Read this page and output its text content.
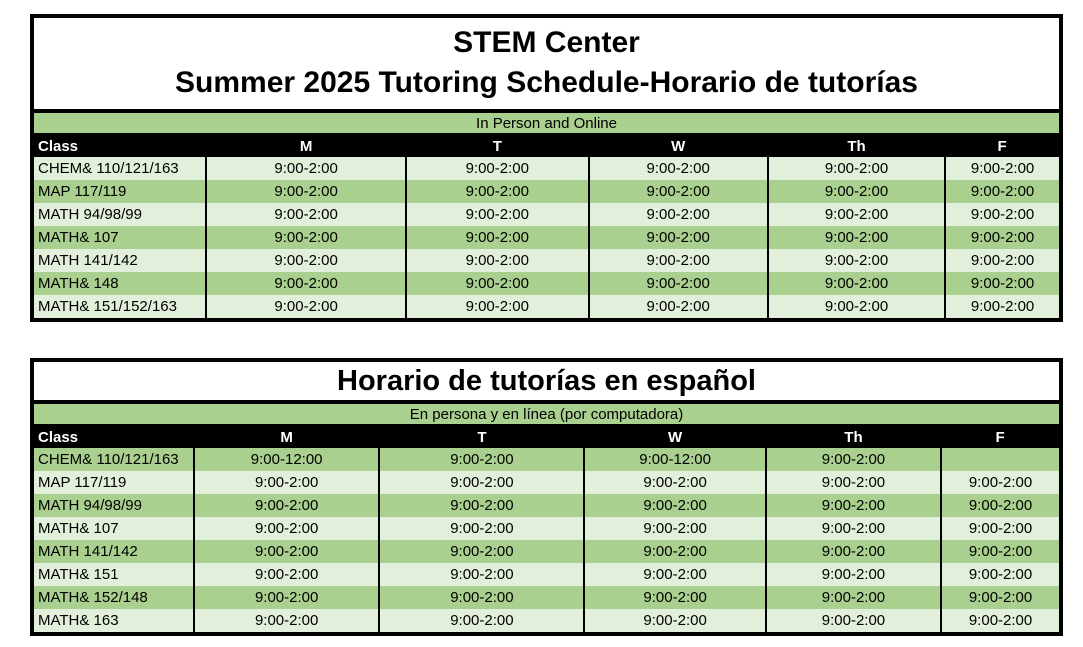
STEM Center
Summer 2025 Tutoring Schedule-Horario de tutorías
In Person and Online
Class	M	T	W	Th	F
CHEM& 110/121/163	9:00-2:00	9:00-2:00	9:00-2:00	9:00-2:00	9:00-2:00
MAP 117/119	9:00-2:00	9:00-2:00	9:00-2:00	9:00-2:00	9:00-2:00
MATH 94/98/99	9:00-2:00	9:00-2:00	9:00-2:00	9:00-2:00	9:00-2:00
MATH& 107	9:00-2:00	9:00-2:00	9:00-2:00	9:00-2:00	9:00-2:00
MATH 141/142	9:00-2:00	9:00-2:00	9:00-2:00	9:00-2:00	9:00-2:00
MATH& 148	9:00-2:00	9:00-2:00	9:00-2:00	9:00-2:00	9:00-2:00
MATH& 151/152/163	9:00-2:00	9:00-2:00	9:00-2:00	9:00-2:00	9:00-2:00
Horario de tutorías en español
En persona y en línea (por computadora)
Class	M	T	W	Th	F
CHEM& 110/121/163	9:00-12:00	9:00-2:00	9:00-12:00	9:00-2:00	
MAP 117/119	9:00-2:00	9:00-2:00	9:00-2:00	9:00-2:00	9:00-2:00
MATH 94/98/99	9:00-2:00	9:00-2:00	9:00-2:00	9:00-2:00	9:00-2:00
MATH& 107	9:00-2:00	9:00-2:00	9:00-2:00	9:00-2:00	9:00-2:00
MATH 141/142	9:00-2:00	9:00-2:00	9:00-2:00	9:00-2:00	9:00-2:00
MATH& 151	9:00-2:00	9:00-2:00	9:00-2:00	9:00-2:00	9:00-2:00
MATH& 152/148	9:00-2:00	9:00-2:00	9:00-2:00	9:00-2:00	9:00-2:00
MATH& 163	9:00-2:00	9:00-2:00	9:00-2:00	9:00-2:00	9:00-2:00
